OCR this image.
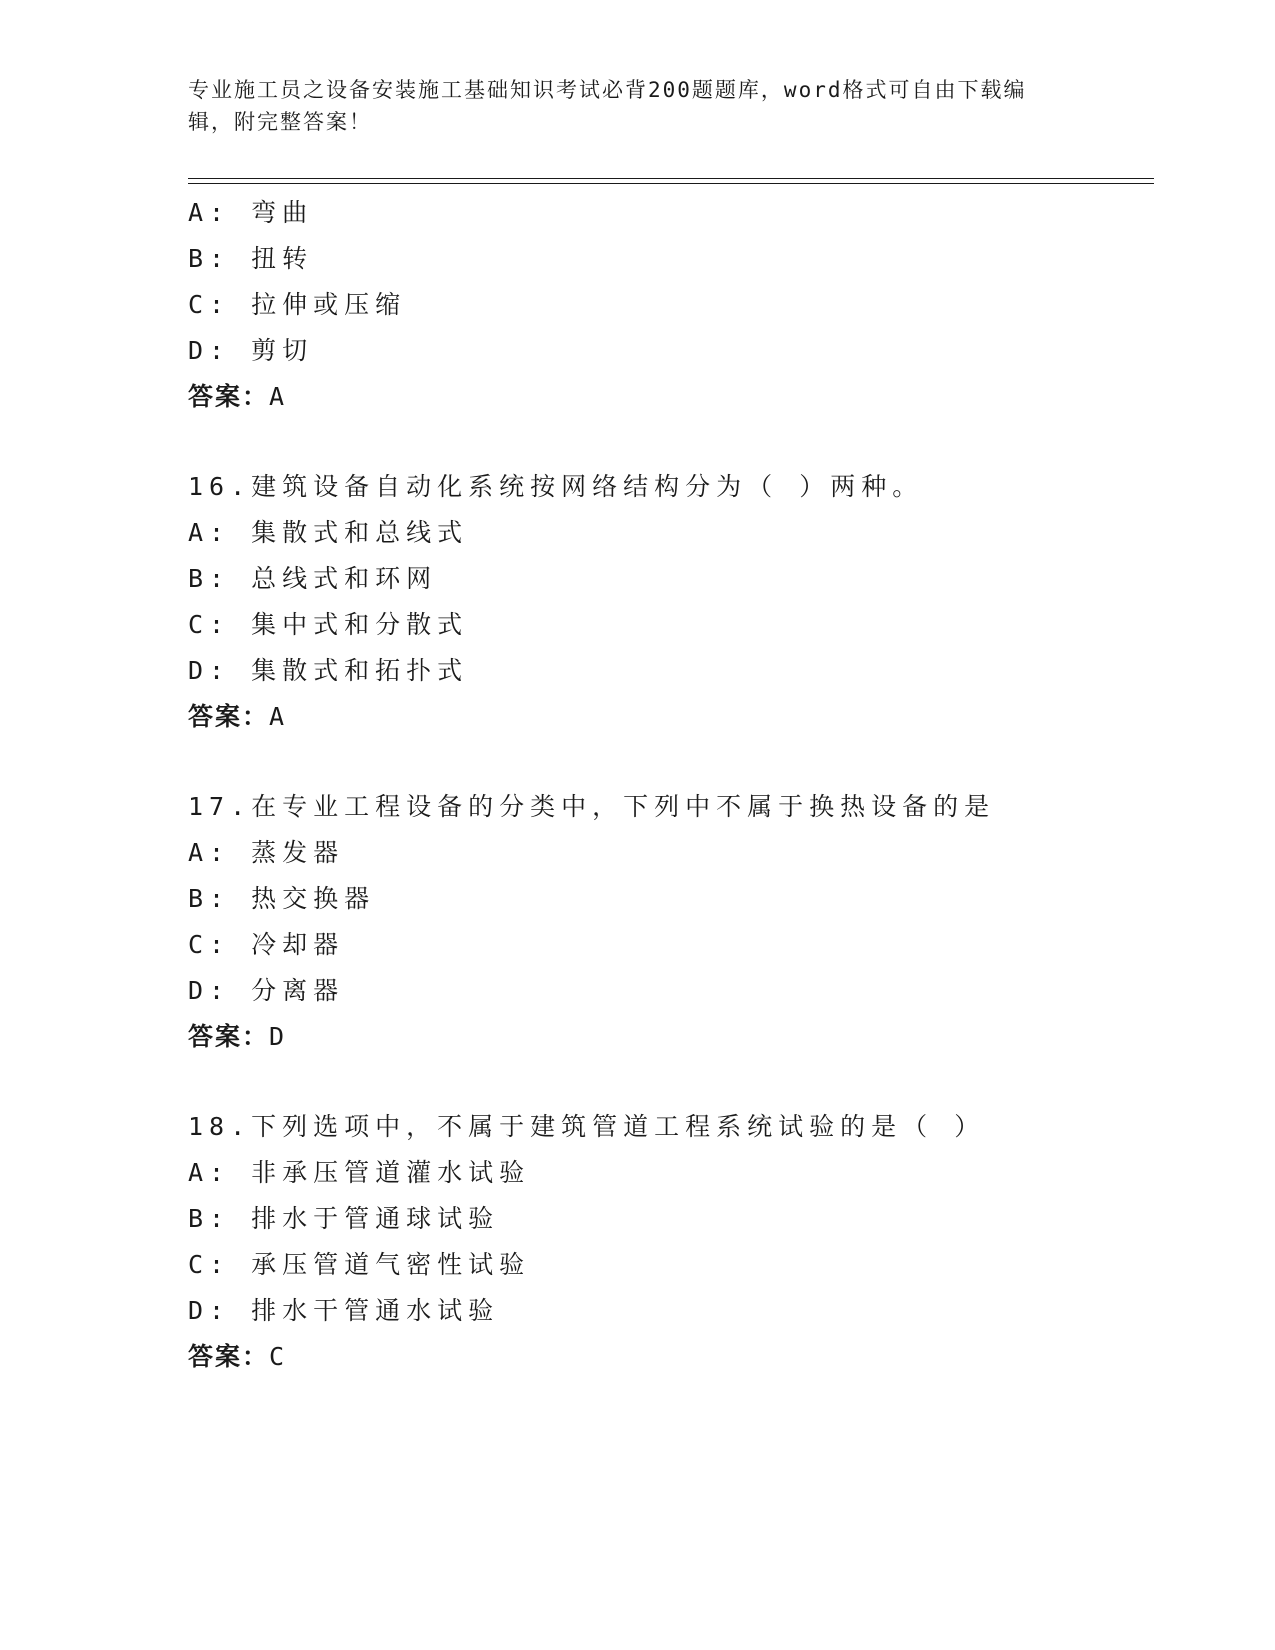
专业施工员之设备安装施工基础知识考试必背200题题库，word格式可自由下载编辑，附完整答案！
A: 弯曲
B: 扭转
C: 拉伸或压缩
D: 剪切
答案：A
16.建筑设备自动化系统按网络结构分为（ ）两种。
A: 集散式和总线式
B: 总线式和环网
C: 集中式和分散式
D: 集散式和拓扑式
答案：A
17.在专业工程设备的分类中，下列中不属于换热设备的是
A: 蒸发器
B: 热交换器
C: 冷却器
D: 分离器
答案：D
18.下列选项中，不属于建筑管道工程系统试验的是（ ）
A: 非承压管道灌水试验
B: 排水于管通球试验
C: 承压管道气密性试验
D: 排水干管通水试验
答案：C
